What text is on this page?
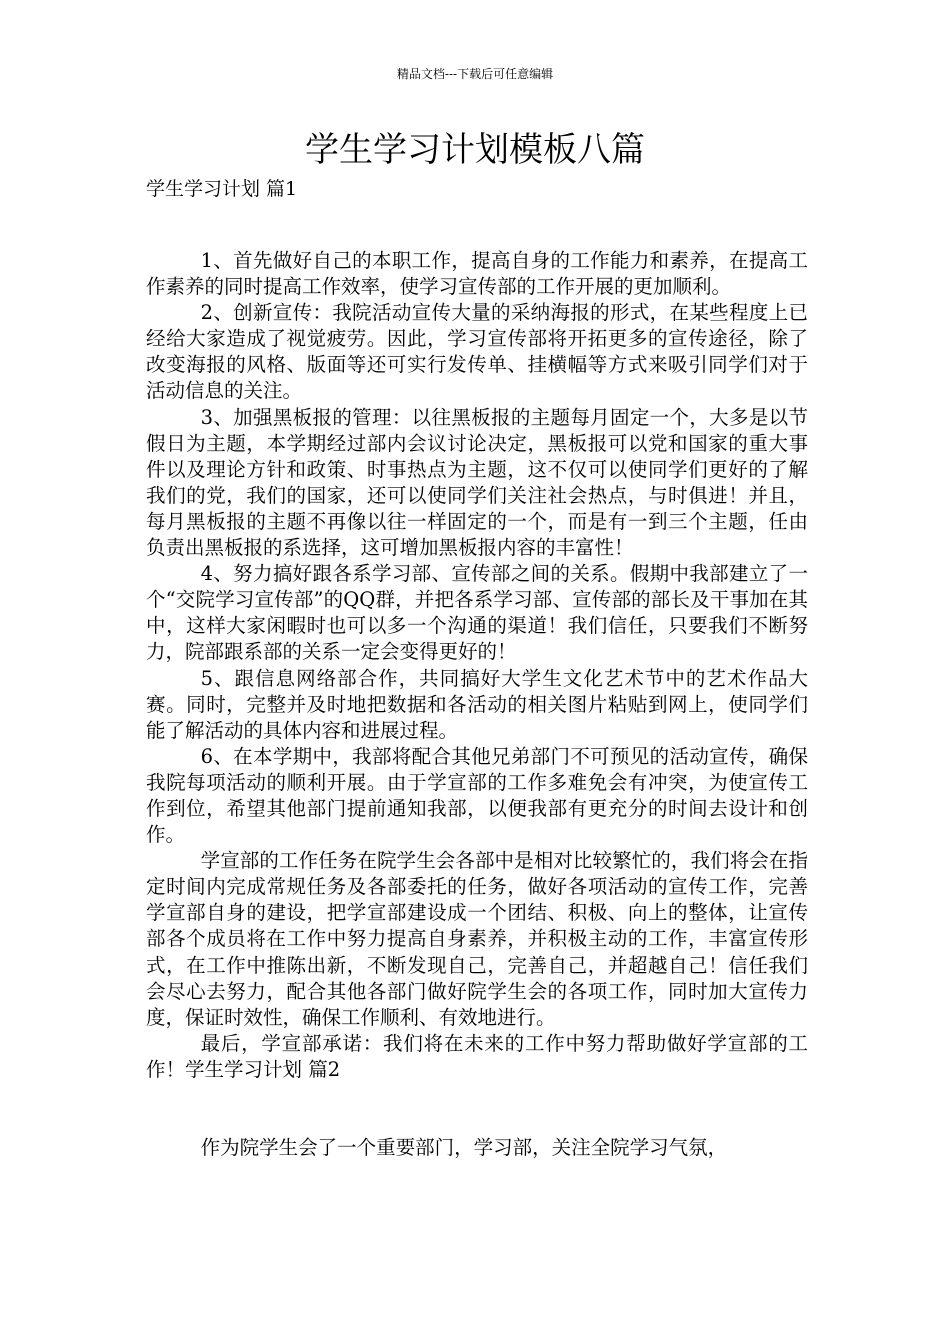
精品文档---下载后可任意编辑
学生学习计划模板八篇
学生学习计划 篇1

1、首先做好自己的本职工作，提高自身的工作能力和素养，在提高工作素养的同时提高工作效率，使学习宣传部的工作开展的更加顺利。

2、创新宣传：我院活动宣传大量的采纳海报的形式，在某些程度上已经给大家造成了视觉疲劳。因此，学习宣传部将开拓更多的宣传途径，除了改变海报的风格、版面等还可实行发传单、挂横幅等方式来吸引同学们对于活动信息的关注。

3、加强黑板报的管理：以往黑板报的主题每月固定一个，大多是以节假日为主题，本学期经过部内会议讨论决定，黑板报可以党和国家的重大事件以及理论方针和政策、时事热点为主题，这不仅可以使同学们更好的了解我们的党，我们的国家，还可以使同学们关注社会热点，与时俱进！并且，每月黑板报的主题不再像以往一样固定的一个，而是有一到三个主题，任由负责出黑板报的系选择，这可增加黑板报内容的丰富性！

4、努力搞好跟各系学习部、宣传部之间的关系。假期中我部建立了一个“交院学习宣传部”的QQ群，并把各系学习部、宣传部的部长及干事加在其中，这样大家闲暇时也可以多一个沟通的渠道！我们信任，只要我们不断努力，院部跟系部的关系一定会变得更好的！

5、跟信息网络部合作，共同搞好大学生文化艺术节中的艺术作品大赛。同时，完整并及时地把数据和各活动的相关图片粘贴到网上，使同学们能了解活动的具体内容和进展过程。

6、在本学期中，我部将配合其他兄弟部门不可预见的活动宣传，确保我院每项活动的顺利开展。由于学宣部的工作多难免会有冲突，为使宣传工作到位，希望其他部门提前通知我部，以便我部有更充分的时间去设计和创作。

学宣部的工作任务在院学生会各部中是相对比较繁忙的，我们将会在指定时间内完成常规任务及各部委托的任务，做好各项活动的宣传工作，完善学宣部自身的建设，把学宣部建设成一个团结、积极、向上的整体，让宣传部各个成员将在工作中努力提高自身素养，并积极主动的工作，丰富宣传形式，在工作中推陈出新，不断发现自己，完善自己，并超越自己！信任我们会尽心去努力，配合其他各部门做好院学生会的各项工作，同时加大宣传力度，保证时效性，确保工作顺利、有效地进行。

最后，学宣部承诺：我们将在未来的工作中努力帮助做好学宣部的工作！学生学习计划 篇2

作为院学生会了一个重要部门，学习部，关注全院学习气氛，
